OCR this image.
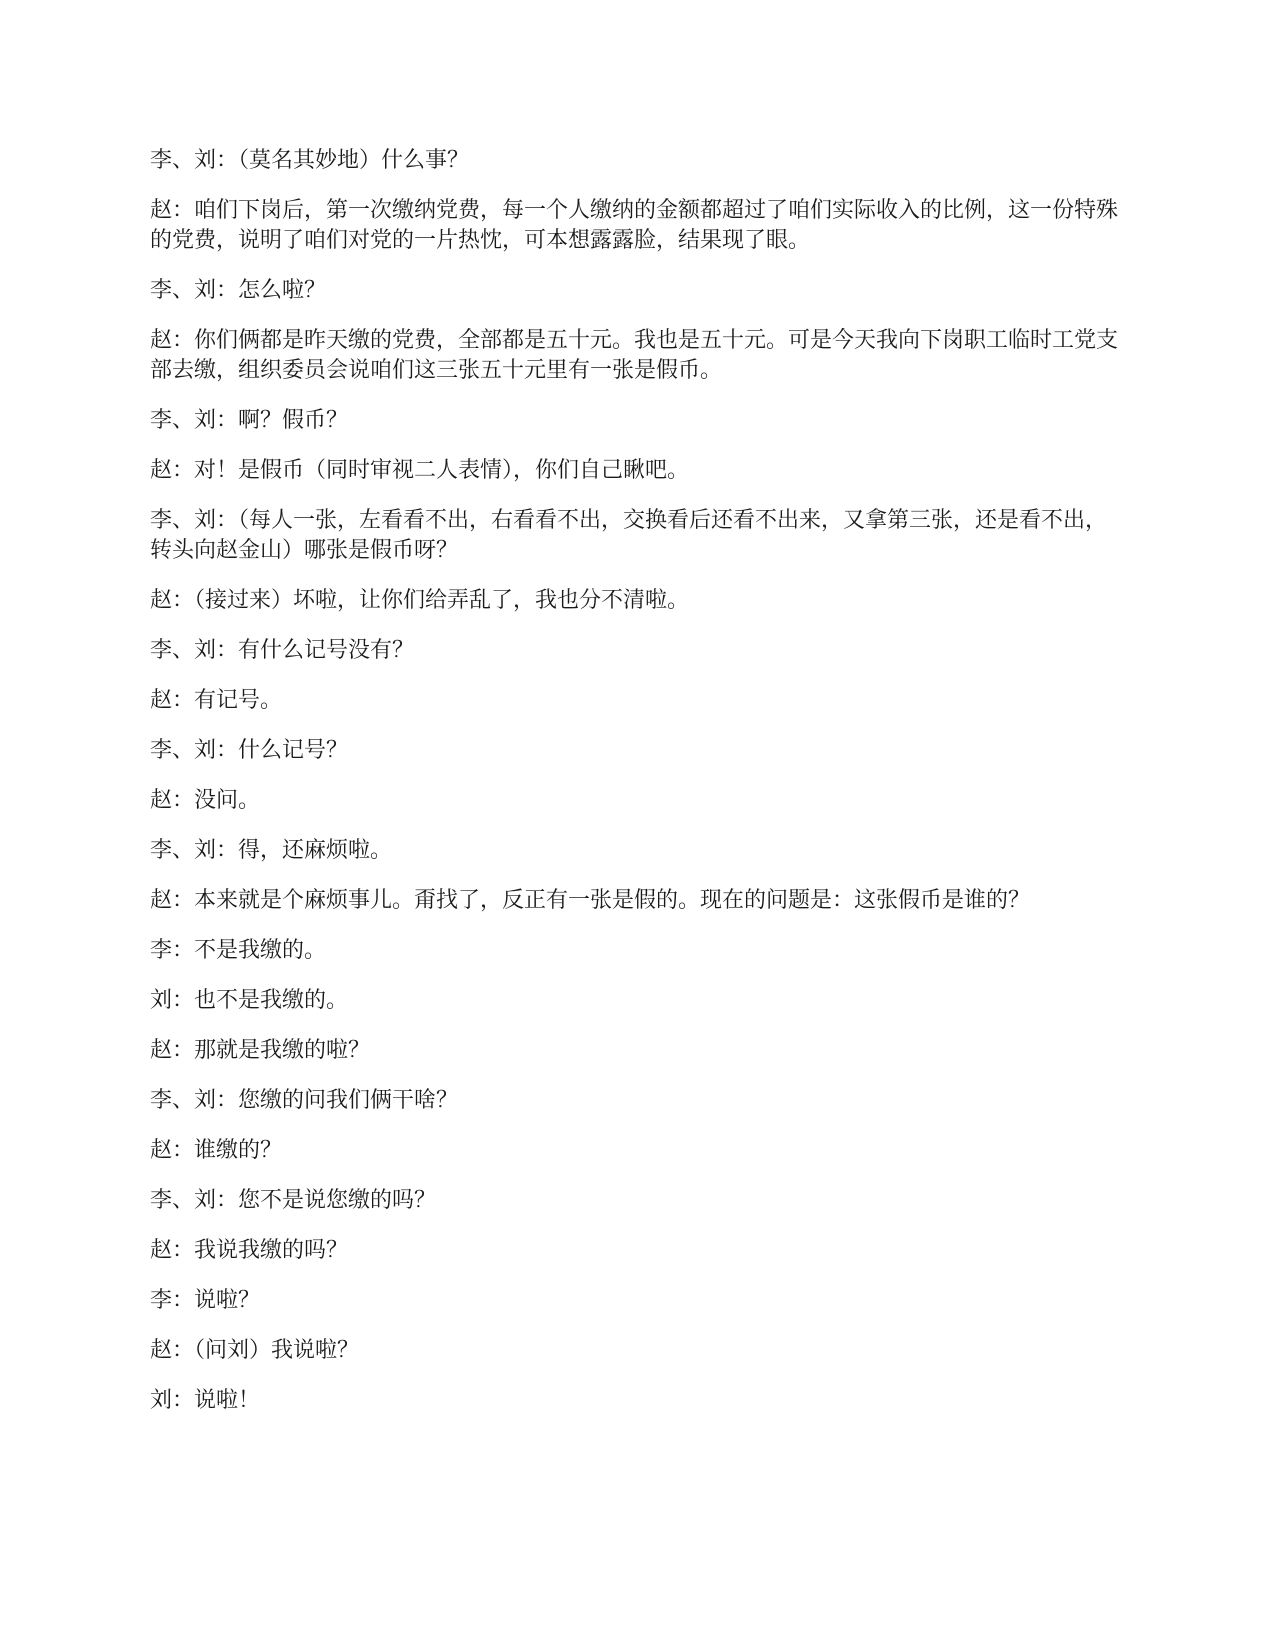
李、刘：（莫名其妙地）什么事？

赵：咱们下岗后，第一次缴纳党费，每一个人缴纳的金额都超过了咱们实际收入的比例，这一份特殊的党费，说明了咱们对党的一片热忱，可本想露露脸，结果现了眼。

李、刘：怎么啦？

赵：你们俩都是昨天缴的党费，全部都是五十元。我也是五十元。可是今天我向下岗职工临时工党支部去缴，组织委员会说咱们这三张五十元里有一张是假币。

李、刘：啊？假币？

赵：对！是假币（同时审视二人表情），你们自己瞅吧。

李、刘：（每人一张，左看看不出，右看看不出，交换看后还看不出来，又拿第三张，还是看不出，转头向赵金山）哪张是假币呀？

赵：（接过来）坏啦，让你们给弄乱了，我也分不清啦。

李、刘：有什么记号没有？

赵：有记号。

李、刘：什么记号？

赵：没问。

李、刘：得，还麻烦啦。

赵：本来就是个麻烦事儿。甭找了，反正有一张是假的。现在的问题是：这张假币是谁的？

李：不是我缴的。

刘：也不是我缴的。

赵：那就是我缴的啦？

李、刘：您缴的问我们俩干啥？

赵：谁缴的？

李、刘：您不是说您缴的吗？

赵：我说我缴的吗？

李：说啦？

赵：（问刘）我说啦？

刘：说啦！
